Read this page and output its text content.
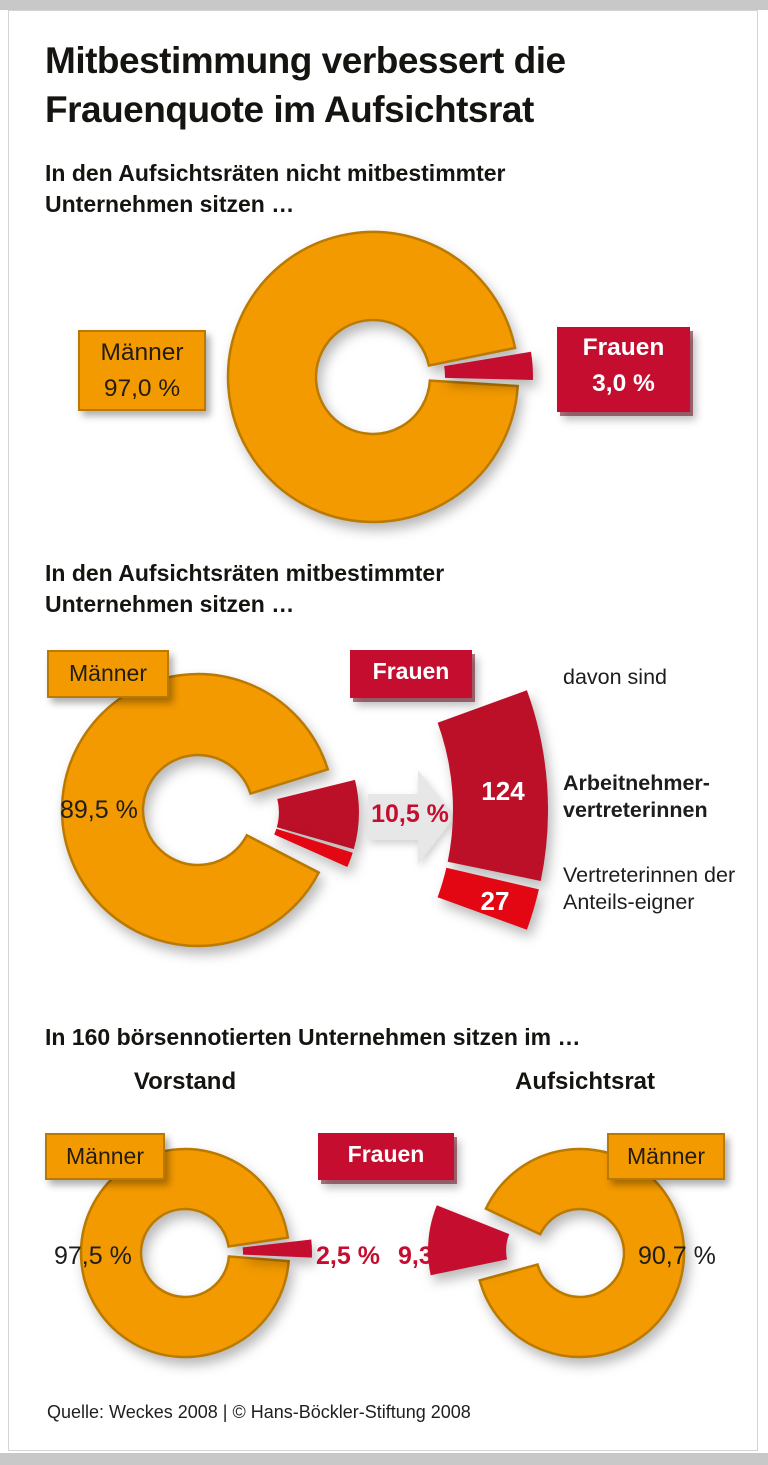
Mitbestimmung verbessert die Frauenquote im Aufsichtsrat
In den Aufsichtsräten nicht mitbestimmter Unternehmen sitzen …
Männer
97,0 %
Frauen
3,0 %
In den Aufsichtsräten mitbestimmter Unternehmen sitzen …
Männer	Frauen	davon sind
89,5 %	10,5 %
124
27
Arbeitnehmer-vertreterinnen
Vertreterinnen der Anteils-eigner
In 160 börsennotierten Unternehmen sitzen im …
Vorstand	Aufsichtsrat
Männer	Frauen	Männer
97,5 %	2,5 % 9,3 %	90,7 %
Quelle: Weckes 2008 | © Hans-Böckler-Stiftung 2008
